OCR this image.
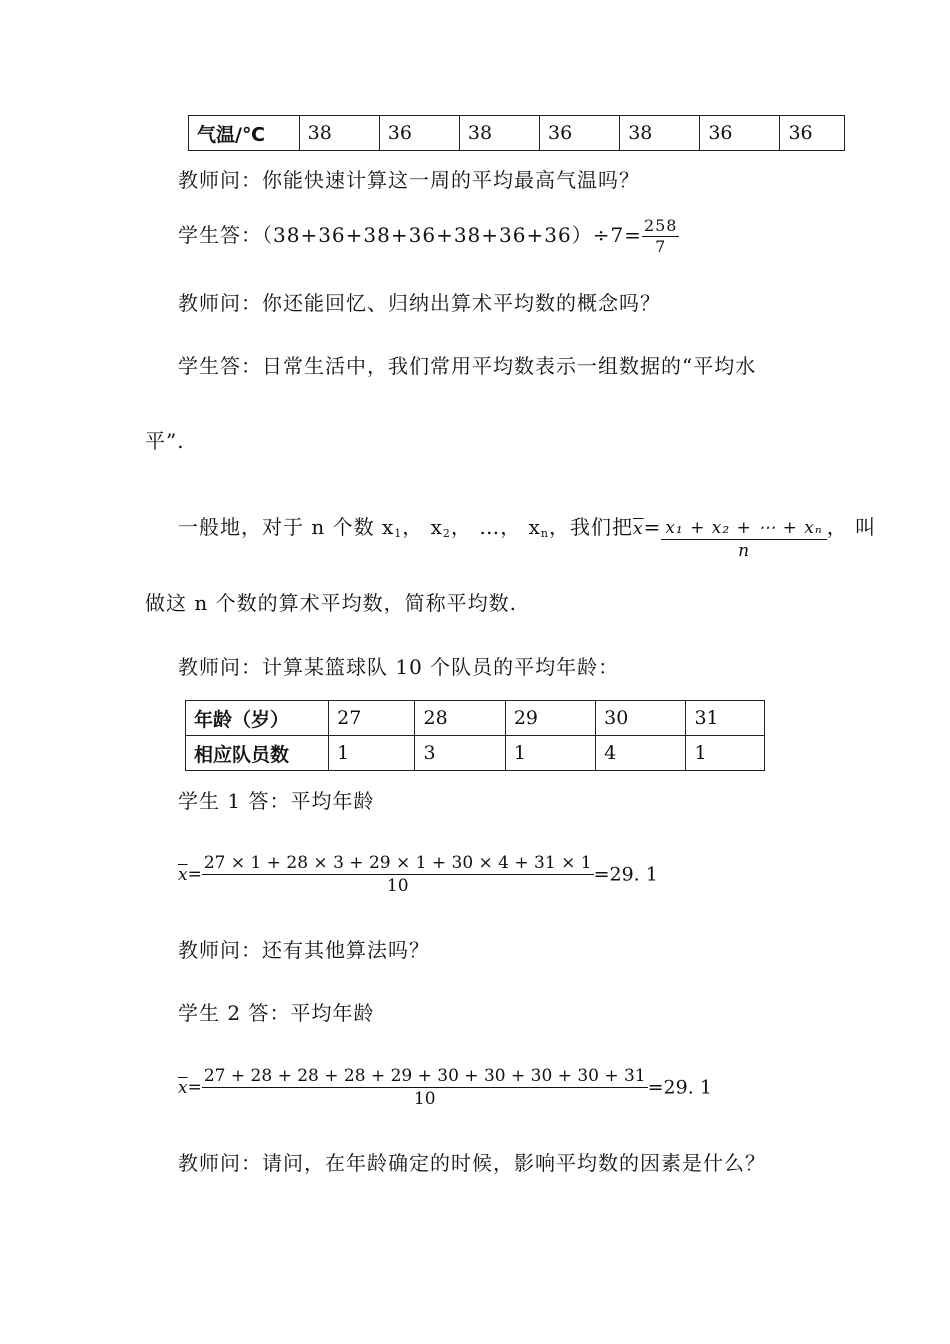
气温/℃	38	36	38	36	38	36	36
教师问：你能快速计算这一周的平均最高气温吗？
学生答：$(38+36+38+36+38+36+36)\div 7= \frac{258}{7}$
教师问：你还能回忆、归纳出算术平均数的概念吗？
学生答：日常生活中，我们常用平均数表示一组数据的“平均水
平”.
一般地，对于 n 个数 $x_1$， $x_2$， …， $x_n$，我们把$\overline{x}= \frac{\text{x₁ + x₂ + ⋯ + xₙ}}{n}$ ， 叫
做这 n 个数的算术平均数，简称平均数.
教师问：计算某篮球队 10 个队员的平均年龄：
年龄（岁）	27	28	29	30	31
相应队员数	1	3	1	4	1
学生 1 答：平均年龄
$\overline{x}= \frac{27 \times 1 + 28 \times 3 + 29 \times 1 + 30 \times 4 + 31 \times 1}{10} =29$. 1
教师问：还有其他算法吗？
学生 2 答：平均年龄
$\overline{x}= \frac{27 + 28 + 28 + 28 + 29 + 30 + 30 + 30 + 30 + 31}{10} =29$. 1
教师问：请问，在年龄确定的时候，影响平均数的因素是什么？
